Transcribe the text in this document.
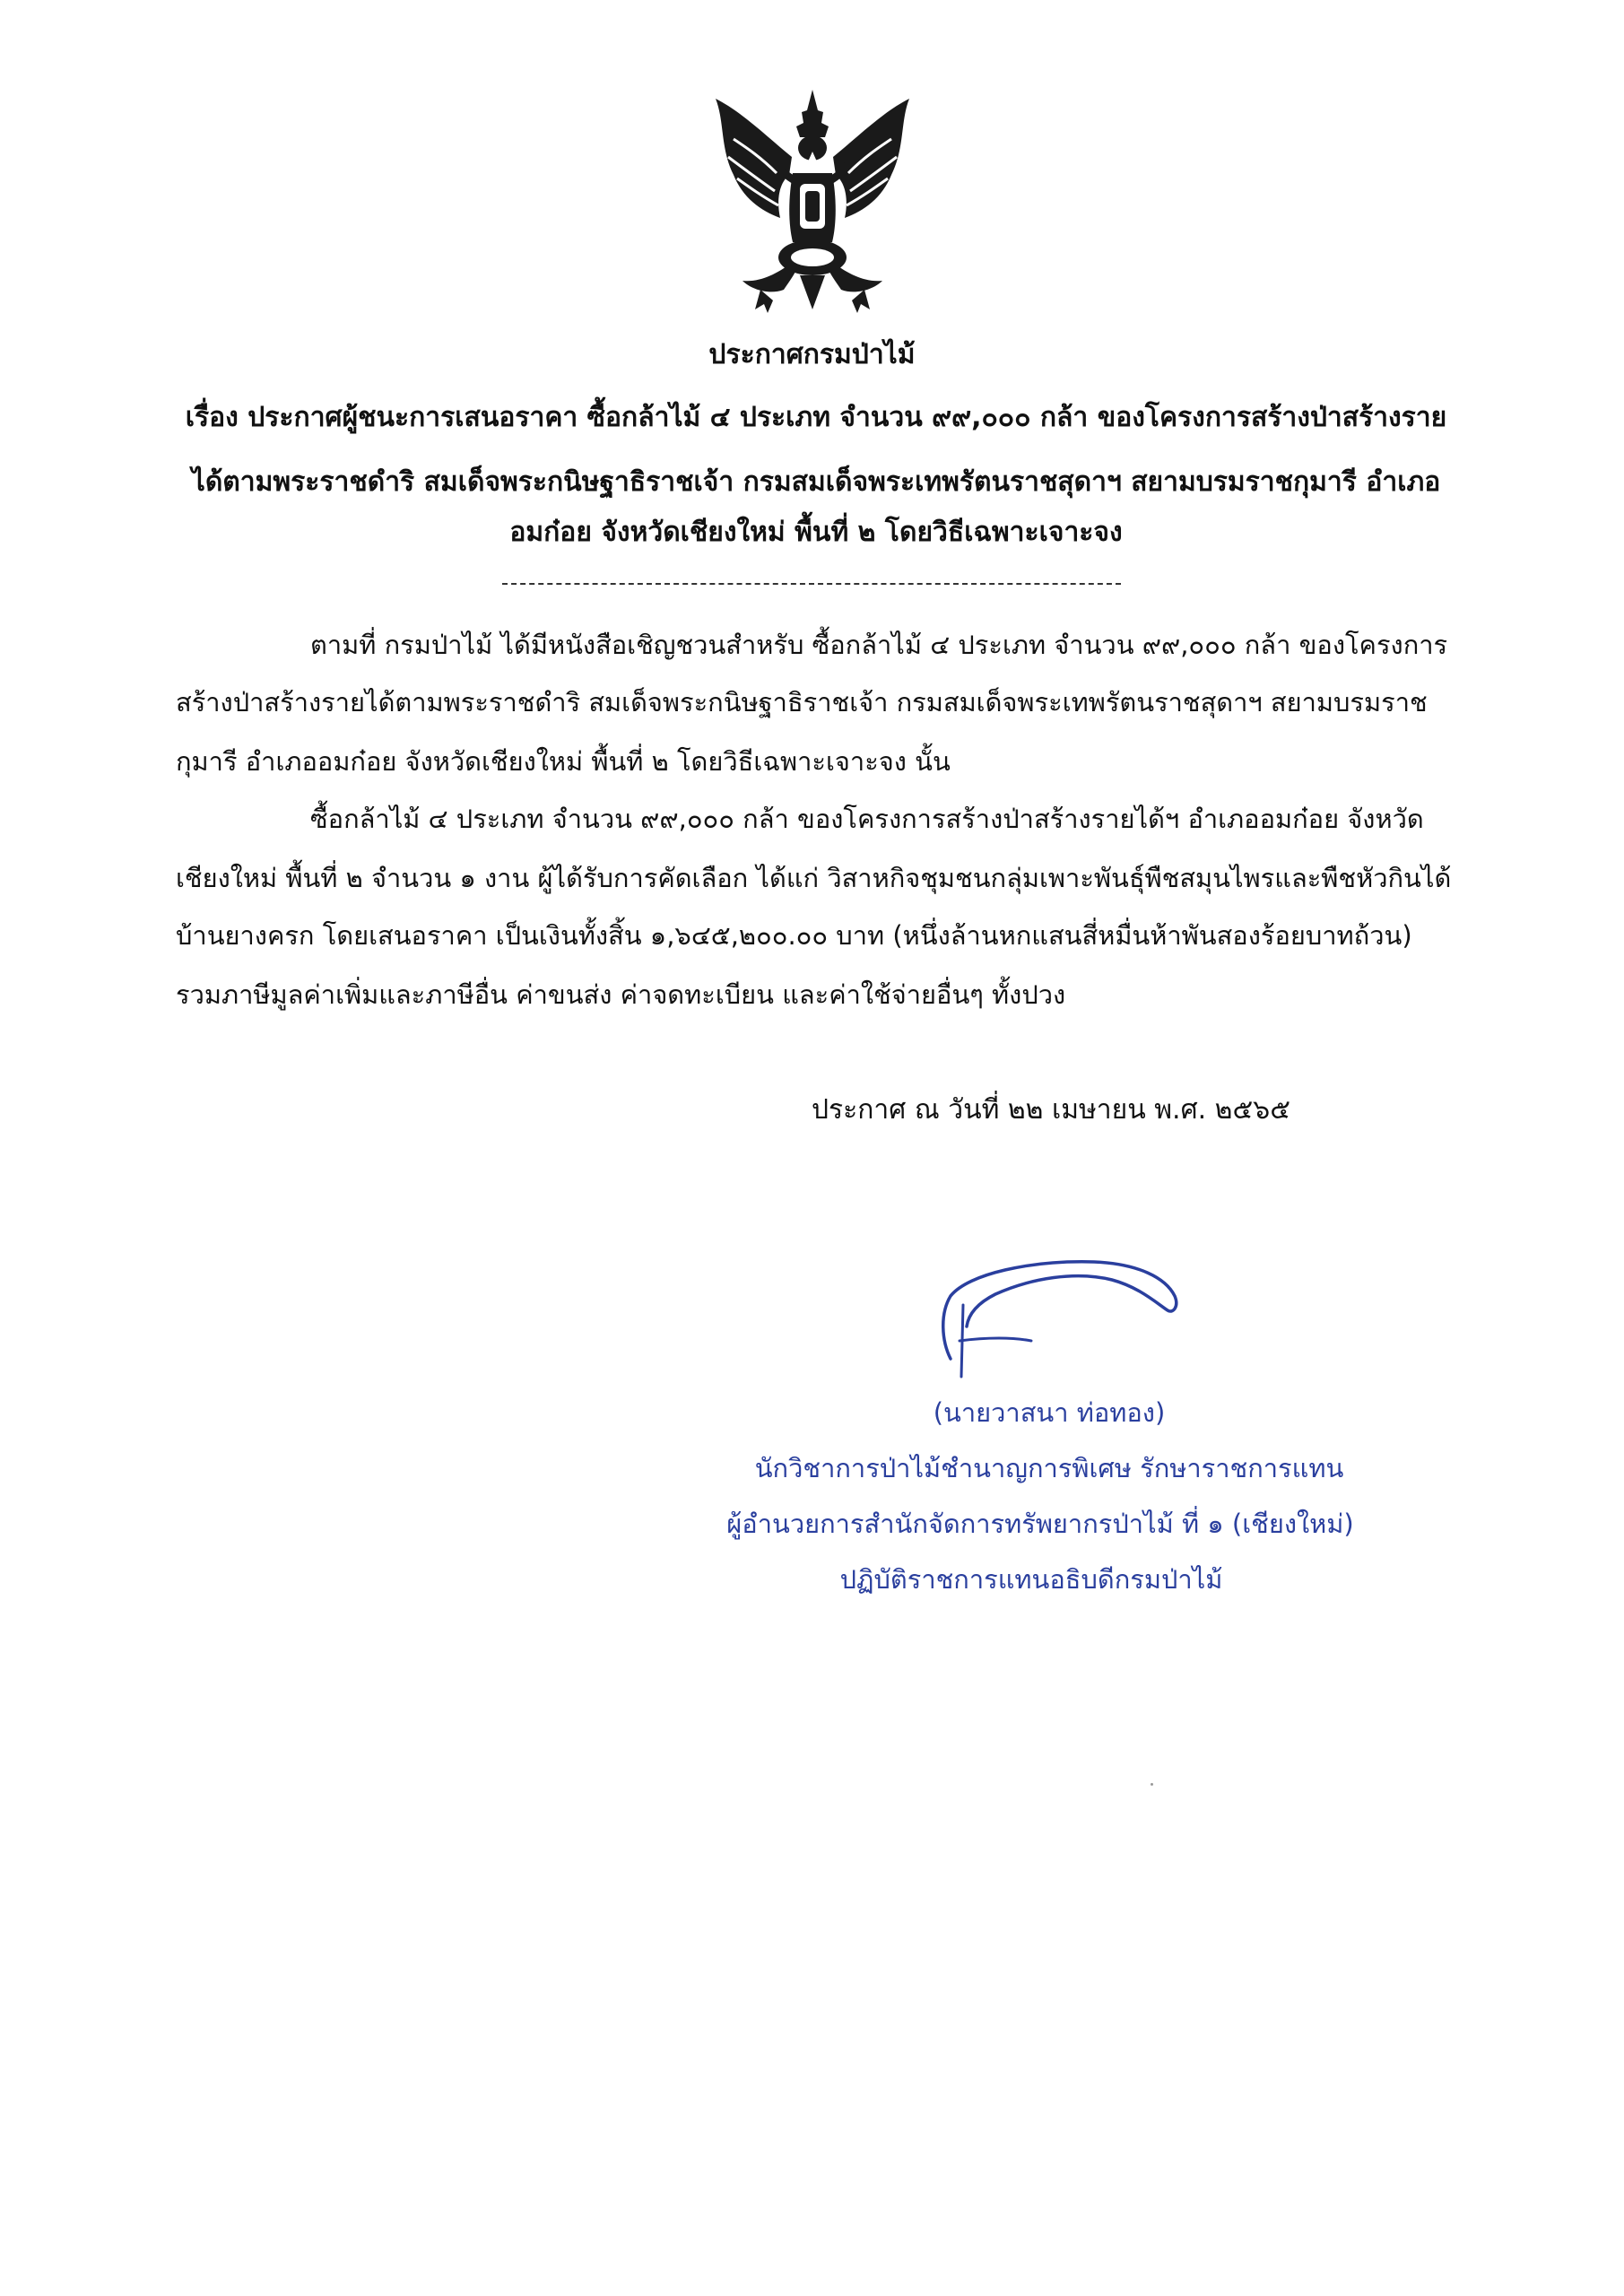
ประกาศกรมป่าไม้
เรื่อง ประกาศผู้ชนะการเสนอราคา ซื้อกล้าไม้ ๔ ประเภท จำนวน ๙๙,๐๐๐ กล้า ของโครงการสร้างป่าสร้างราย
ได้ตามพระราชดำริ สมเด็จพระกนิษฐาธิราชเจ้า กรมสมเด็จพระเทพรัตนราชสุดาฯ สยามบรมราชกุมารี อำเภอ
อมก๋อย จังหวัดเชียงใหม่ พื้นที่ ๒ โดยวิธีเฉพาะเจาะจง
ตามที่ กรมป่าไม้ ได้มีหนังสือเชิญชวนสำหรับ ซื้อกล้าไม้ ๔ ประเภท จำนวน ๙๙,๐๐๐ กล้า ของโครงการ
สร้างป่าสร้างรายได้ตามพระราชดำริ สมเด็จพระกนิษฐาธิราชเจ้า กรมสมเด็จพระเทพรัตนราชสุดาฯ สยามบรมราช
กุมารี อำเภออมก๋อย จังหวัดเชียงใหม่ พื้นที่ ๒ โดยวิธีเฉพาะเจาะจง นั้น
ซื้อกล้าไม้ ๔ ประเภท จำนวน ๙๙,๐๐๐ กล้า ของโครงการสร้างป่าสร้างรายได้ฯ อำเภออมก๋อย จังหวัด
เชียงใหม่ พื้นที่ ๒ จำนวน ๑ งาน ผู้ได้รับการคัดเลือก ได้แก่ วิสาหกิจชุมชนกลุ่มเพาะพันธุ์พืชสมุนไพรและพืชหัวกินได้
บ้านยางครก โดยเสนอราคา เป็นเงินทั้งสิ้น ๑,๖๔๕,๒๐๐.๐๐ บาท (หนึ่งล้านหกแสนสี่หมื่นห้าพันสองร้อยบาทถ้วน)
รวมภาษีมูลค่าเพิ่มและภาษีอื่น ค่าขนส่ง ค่าจดทะเบียน และค่าใช้จ่ายอื่นๆ ทั้งปวง
ประกาศ ณ วันที่ ๒๒ เมษายน พ.ศ. ๒๕๖๕
(นายวาสนา ท่อทอง)
นักวิชาการป่าไม้ชำนาญการพิเศษ รักษาราชการแทน
ผู้อำนวยการสำนักจัดการทรัพยากรป่าไม้ ที่ ๑ (เชียงใหม่)
ปฏิบัติราชการแทนอธิบดีกรมป่าไม้
